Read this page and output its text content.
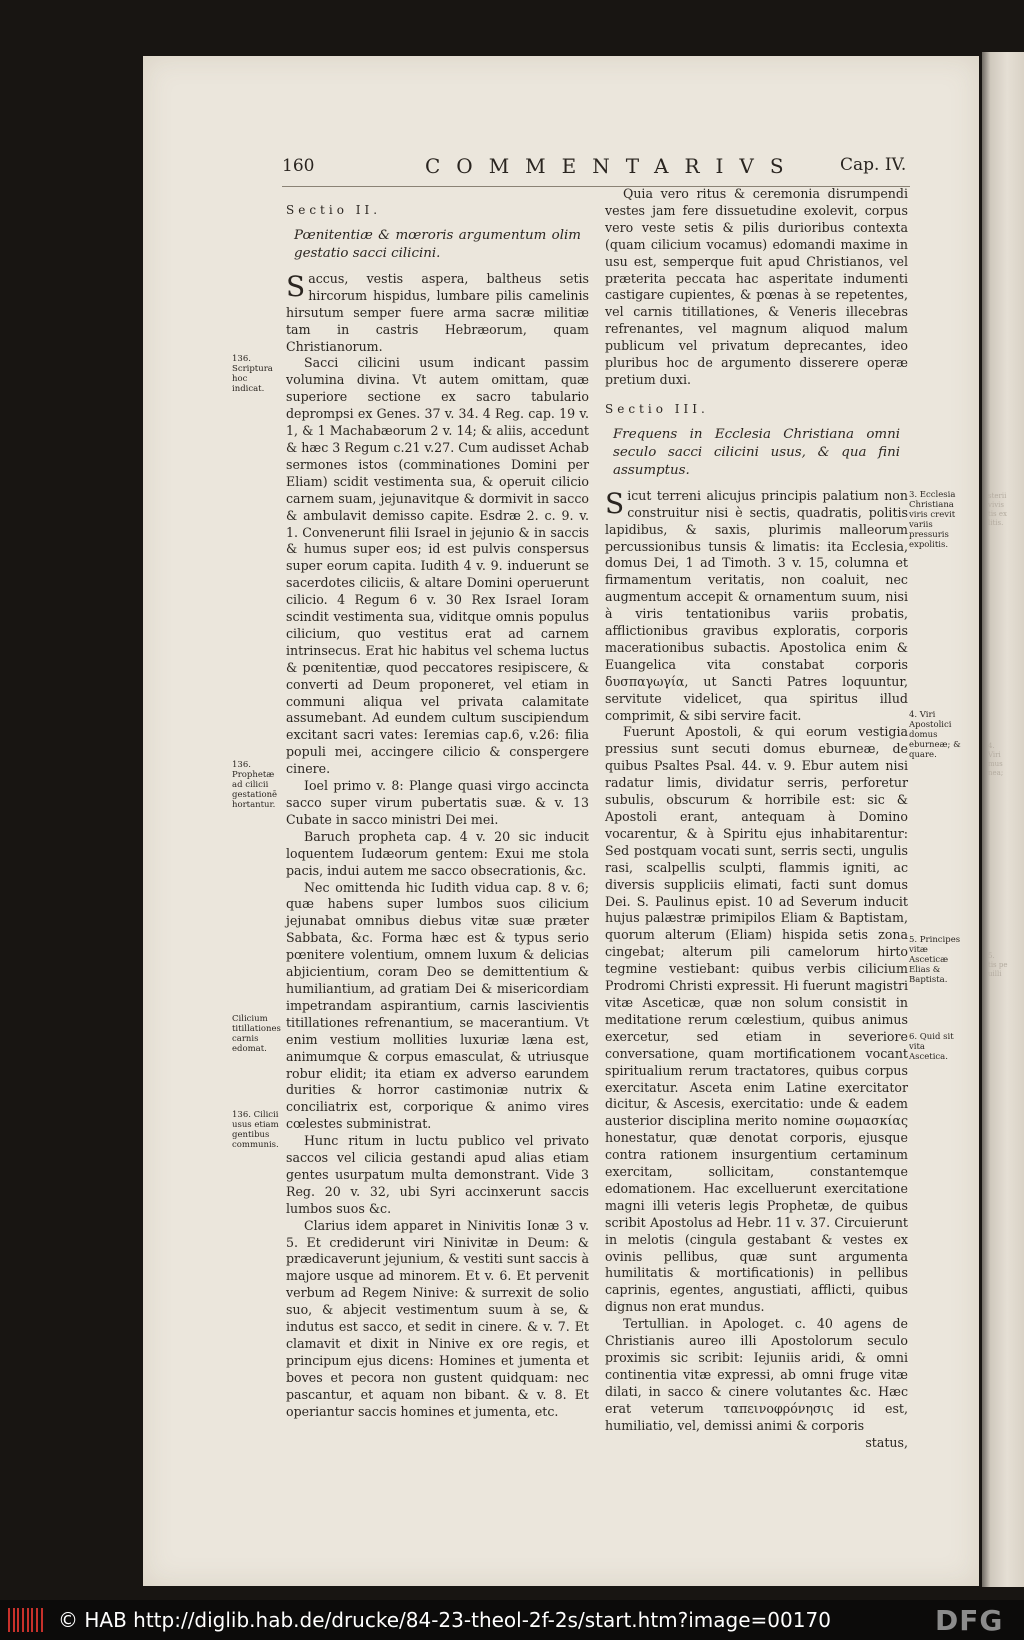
sterii
vivis
tis ex
litis.
4.
Viri
mus
nea;
5.
tis pe
uilli
160	COMMENTARIVS Cap. IV.

Sectio II.

Pœnitentiæ & mœroris argumentum olim gestatio sacci cilicini.

Saccus, vestis aspera, baltheus setis hircorum hispidus, lumbare pilis camelinis hirsutum semper fuere arma sacræ militiæ tam in castris Hebræorum, quam Christianorum.

Sacci cilicini usum indicant passim volumina divina. Vt autem omittam, quæ superiore sectione ex sacro tabulario deprompsi ex Genes. 37 v. 34. 4 Reg. cap. 19 v. 1, & 1 Machabæorum 2 v. 14; & aliis, accedunt & hæc 3 Regum c.21 v.27. Cum audisset Achab sermones istos (comminationes Domini per Eliam) scidit vestimenta sua, & operuit cilicio carnem suam, jejunavitque & dormivit in sacco & ambulavit demisso capite. Esdræ 2. c. 9. v. 1. Convenerunt filii Israel in jejunio & in saccis & humus super eos; id est pulvis conspersus super eorum capita. Iudith 4 v. 9. induerunt se sacerdotes ciliciis, & altare Domini operuerunt cilicio. 4 Regum 6 v. 30 Rex Israel Ioram scindit vestimenta sua, viditque omnis populus cilicium, quo vestitus erat ad carnem intrinsecus. Erat hic habitus vel schema luctus & pœnitentiæ, quod peccatores resipiscere, & converti ad Deum proponeret, vel etiam in communi aliqua vel privata calamitate assumebant. Ad eundem cultum suscipiendum excitant sacri vates: Ieremias cap.6, v.26: filia populi mei, accingere cilicio & conspergere cinere.

Ioel primo v. 8: Plange quasi virgo accincta sacco super virum pubertatis suæ. & v. 13 Cubate in sacco ministri Dei mei.

Baruch propheta cap. 4 v. 20 sic inducit loquentem Iudæorum gentem: Exui me stola pacis, indui autem me sacco obsecrationis, &c.

Nec omittenda hic Iudith vidua cap. 8 v. 6; quæ habens super lumbos suos cilicium jejunabat omnibus diebus vitæ suæ præter Sabbata, &c. Forma hæc est & typus serio pœnitere volentium, omnem luxum & delicias abjicientium, coram Deo se demittentium & humiliantium, ad gratiam Dei & misericordiam impetrandam aspirantium, carnis lascivientis titillationes refrenantium, se macerantium. Vt enim vestium mollities luxuriæ læna est, animumque & corpus emasculat, & utriusque robur elidit; ita etiam ex adverso earundem durities & horror castimoniæ nutrix & conciliatrix est, corporique & animo vires cœlestes subministrat.

Hunc ritum in luctu publico vel privato saccos vel cilicia gestandi apud alias etiam gentes usurpatum multa demonstrant. Vide 3 Reg. 20 v. 32, ubi Syri accinxerunt saccis lumbos suos &c.

Clarius idem apparet in Ninivitis Ionæ 3 v. 5. Et crediderunt viri Ninivitæ in Deum: & prædicaverunt jejunium, & vestiti sunt saccis à majore usque ad minorem. Et v. 6. Et pervenit verbum ad Regem Ninive: & surrexit de solio suo, & abjecit vestimentum suum à se, & indutus est sacco, et sedit in cinere. & v. 7. Et clamavit et dixit in Ninive ex ore regis, et principum ejus dicens: Homines et jumenta et boves et pecora non gustent quidquam: nec pascantur, et aquam non bibant. & v. 8. Et operiantur saccis homines et jumenta, etc.

136. Scriptura hoc indicat.
136. Prophetæ ad cilicii gestationē hortantur.
Cilicium titillationes carnis edomat.
136. Cilicii usus etiam gentibus communis.

Quia vero ritus & ceremonia disrumpendi vestes jam fere dissuetudine exolevit, corpus vero veste setis & pilis durioribus contexta (quam cilicium vocamus) edomandi maxime in usu est, semperque fuit apud Christianos, vel præterita peccata hac asperitate indumenti castigare cupientes, & pœnas à se repetentes, vel carnis titillationes, & Veneris illecebras refrenantes, vel magnum aliquod malum publicum vel privatum deprecantes, ideo pluribus hoc de argumento disserere operæ pretium duxi.

Sectio III.

Frequens in Ecclesia Christiana omni seculo sacci cilicini usus, & qua fini assumptus.

Sicut terreni alicujus principis palatium non construitur nisi è sectis, quadratis, politis lapidibus, & saxis, plurimis malleorum percussionibus tunsis & limatis: ita Ecclesia, domus Dei, 1 ad Timoth. 3 v. 15, columna et firmamentum veritatis, non coaluit, nec augmentum accepit & ornamentum suum, nisi à viris tentationibus variis probatis, afflictionibus gravibus exploratis, corporis macerationibus subactis. Apostolica enim & Euangelica vita constabat corporis δυσπαγωγία, ut Sancti Patres loquuntur, servitute videlicet, qua spiritus illud comprimit, & sibi servire facit.

Fuerunt Apostoli, & qui eorum vestigia pressius sunt secuti domus eburneæ, de quibus Psaltes Psal. 44. v. 9. Ebur autem nisi radatur limis, dividatur serris, perforetur subulis, obscurum & horribile est: sic & Apostoli erant, antequam à Domino vocarentur, & à Spiritu ejus inhabitarentur: Sed postquam vocati sunt, serris secti, ungulis rasi, scalpellis sculpti, flammis igniti, ac diversis suppliciis elimati, facti sunt domus Dei. S. Paulinus epist. 10 ad Severum inducit hujus palæstræ primipilos Eliam & Baptistam, quorum alterum (Eliam) hispida setis zona cingebat; alterum pili camelorum hirto tegmine vestiebant: quibus verbis cilicium Prodromi Christi expressit. Hi fuerunt magistri vitæ Asceticæ, quæ non solum consistit in meditatione rerum cœlestium, quibus animus exercetur, sed etiam in severiore conversatione, quam mortificationem vocant spiritualium rerum tractatores, quibus corpus exercitatur. Asceta enim Latine exercitator dicitur, & Ascesis, exercitatio: unde & eadem austerior disciplina merito nomine σωμασκίας honestatur, quæ denotat corporis, ejusque contra rationem insurgentium certaminum exercitam, sollicitam, constantemque edomationem. Hac excelluerunt exercitatione magni illi veteris legis Prophetæ, de quibus scribit Apostolus ad Hebr. 11 v. 37. Circuierunt in melotis (cingula gestabant & vestes ex ovinis pellibus, quæ sunt argumenta humilitatis & mortificationis) in pellibus caprinis, egentes, angustiati, afflicti, quibus dignus non erat mundus.

Tertullian. in Apologet. c. 40 agens de Christianis aureo illi Apostolorum seculo proximis sic scribit: Iejuniis aridi, & omni continentia vitæ expressi, ab omni fruge vitæ dilati, in sacco & cinere volutantes &c. Hæc erat veterum ταπεινοφρόνησις id est, humiliatio, vel, demissi animi & corporis

status,

3. Ecclesia Christiana viris crevit variis pressuris expolitis.
4. Viri Apostolici domus eburneæ; & quare.
5. Principes vitæ Asceticæ Elias & Baptista.
6. Quid sit vita Ascetica.
© HAB http://diglib.hab.de/drucke/84-23-theol-2f-2s/start.htm?image=00170	DFG
